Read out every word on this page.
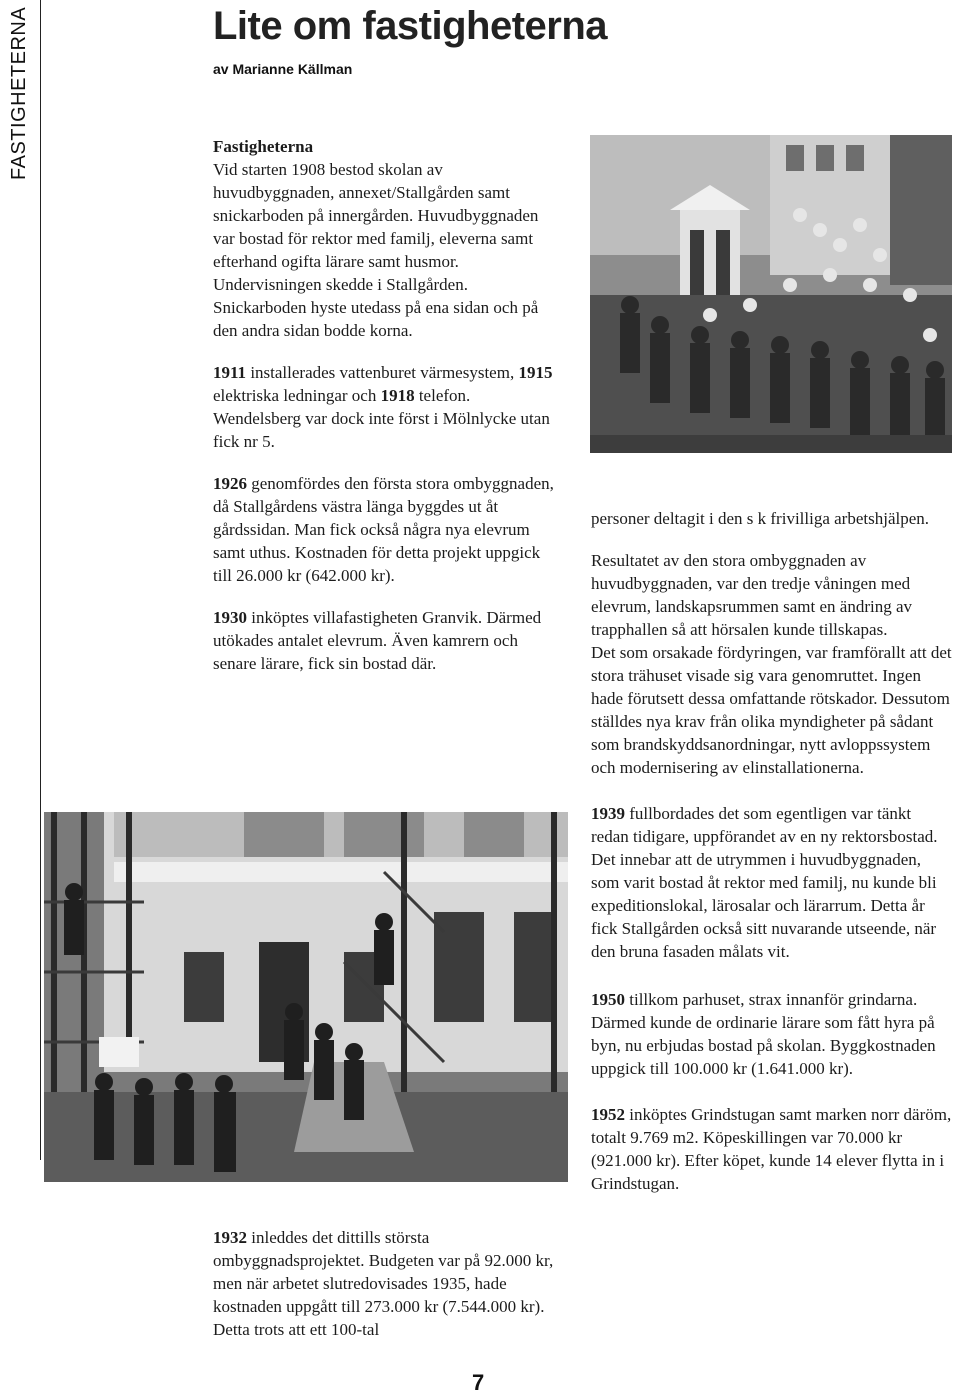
FASTIGHETERNA	Lite om fastigheterna
av Marianne Källman
Fastigheterna

Vid starten 1908 bestod skolan av huvudbyggnaden, annexet/Stallgården samt snickarboden på innergården. Huvudbyggnaden var bostad för rektor med familj, eleverna samt efterhand ogifta lärare samt husmor. Undervisningen skedde i Stallgården. Snickarboden hyste utedass på ena sidan och på den andra sidan bodde korna.

1911 installerades vattenburet värmesystem, 1915 elektriska ledningar och 1918 telefon.

Wendelsberg var dock inte först i Mölnlycke utan fick nr 5.

1926 genomfördes den första stora ombyggnaden, då Stallgårdens västra länga byggdes ut åt gårdssidan. Man fick också några nya elevrum samt uthus. Kostnaden för detta projekt uppgick till 26.000 kr (642.000 kr).

1930 inköptes villafastigheten Granvik. Därmed utökades antalet elevrum. Även kamrern och senare lärare, fick sin bostad där.

1932 inleddes det dittills största ombyggnadsprojektet. Budgeten var på 92.000 kr, men när arbetet slutredovisades 1935, hade kostnaden uppgått till 273.000 kr (7.544.000 kr). Detta trots att ett 100-tal

personer deltagit i den s k frivilliga arbetshjälpen.

Resultatet av den stora ombyggnaden av huvudbyggnaden, var den tredje våningen med elevrum, landskapsrummen samt en ändring av trapphallen så att hörsalen kunde tillskapas.

Det som orsakade fördyringen, var framförallt att det stora trähuset visade sig vara genomruttet. Ingen hade förutsett dessa omfattande rötskador. Dessutom ställdes nya krav från olika myndigheter på sådant som brandskyddsanordningar, nytt avloppssystem och modernisering av elinstallationerna.

1939 fullbordades det som egentligen var tänkt redan tidigare, uppförandet av en ny rektorsbostad. Det innebar att de utrymmen i huvudbyggnaden, som varit bostad åt rektor med familj, nu kunde bli expeditionslokal, lärosalar och lärarrum. Detta år fick Stallgården också sitt nuvarande utseende, när den bruna fasaden målats vit.

1950 tillkom parhuset, strax innanför grindarna. Därmed kunde de ordinarie lärare som fått hyra på byn, nu erbjudas bostad på skolan. Byggkostnaden uppgick till 100.000 kr (1.641.000 kr).

1952 inköptes Grindstugan samt marken norr däröm, totalt 9.769 m2. Köpeskillingen var 70.000 kr (921.000 kr). Efter köpet, kunde 14 elever flytta in i Grindstugan.

7
